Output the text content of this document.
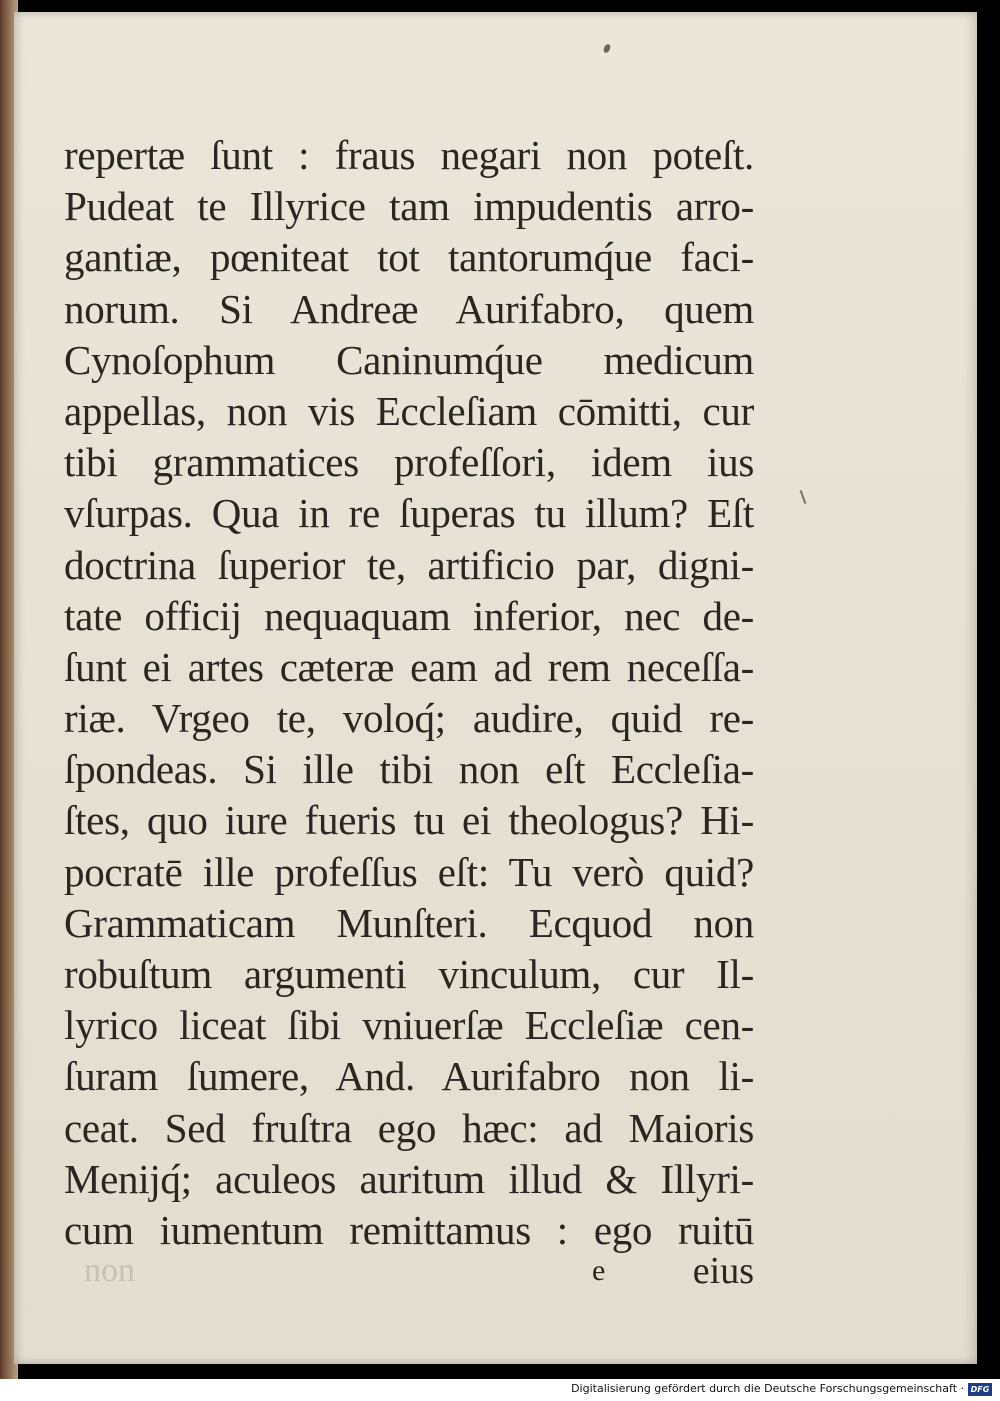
repertæ ſunt : fraus negari non poteſt.
Pudeat te Illyrice tam impudentis arro-
gantiæ, pœniteat tot tantorumq́ue faci-
norum. Si Andreæ Aurifabro, quem
Cynoſophum Caninumq́ue medicum
appellas, non vis Eccleſiam cōmitti, cur
tibi grammatices profeſſori, idem ius
vſurpas. Qua in re ſuperas tu illum? Eſt
doctrina ſuperior te, artificio par, digni-
tate officij nequaquam inferior, nec de-
ſunt ei artes cæteræ eam ad rem neceſſa-
riæ. Vrgeo te, voloq́; audire, quid re-
ſpondeas. Si ille tibi non eſt Eccleſia-
ſtes, quo iure fueris tu ei theologus? Hi-
pocratē ille profeſſus eſt: Tu verò quid?
Grammaticam Munſteri. Ecquod non
robuſtum argumenti vinculum, cur Il-
lyrico liceat ſibi vniuerſæ Eccleſiæ cen-
ſuram ſumere, And. Aurifabro non li-
ceat. Sed fruſtra ego hæc: ad Maioris
Menijq́; aculeos auritum illud & Illyri-
cum iumentum remittamus : ego ruitū
non	e eius
Digitalisierung gefördert durch die Deutsche Forschungsgemeinschaft · DFG
